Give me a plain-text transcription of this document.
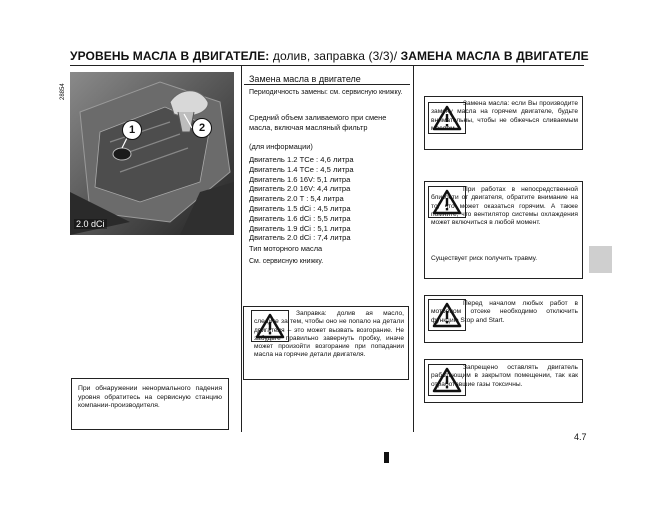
УРОВЕНЬ МАСЛА В ДВИГАТЕЛЕ: долив, заправка (3/3)/ ЗАМЕНА МАСЛА В ДВИГАТЕЛЕ
1	2
2.0 dCi
28854
Замена масла в двигателе
Периодичность замены: см. сервисную книжку.
Средний объем заливаемого при смене масла, включая масляный фильтр
(для информации)
Двигатель 1.2 TCe : 4,6 литра
Двигатель 1.4 TCe : 4,5 литра
Двигатель 1.6 16V: 5,1 литра
Двигатель 2.0 16V: 4,4 литра
Двигатель 2.0 T : 5,4 литра
Двигатель 1.5 dCi : 4,5 литра
Двигатель 1.6 dCi : 5,5 литра
Двигатель 1.9 dCi : 5,1 литра
Двигатель 2.0 dCi : 7,4 литра
Тип моторного масла
См. сервисную книжку.
При обнаружении ненормального падения уровня обратитесь на сервисную станцию компании-производителя.
Заправка: долив ая масло, следите за тем, чтобы оно не попало на детали двигателя – это может вызвать возгорание. Не забудьте правильно завернуть пробку, иначе может произойти возгорание при попадании масла на горячие детали двигателя.
Замена масла: если Вы производите замену масла на горячем двигателе, будьте внимательны, чтобы не обжечься сливаемым маслом.
При работах в непосредственной близости от двигателя, обратите внимание на то, что может оказаться горячим. А также помните, что вентилятор системы охлаждения может включиться в любой момент.
Существует риск получить травму.
Перед началом любых работ в моторном отсеке необходимо отключить функцию Stop and Start.
Запрещено оставлять двигатель работающим в закрытом помещении, так как отработавшие газы токсичны.
4.7
